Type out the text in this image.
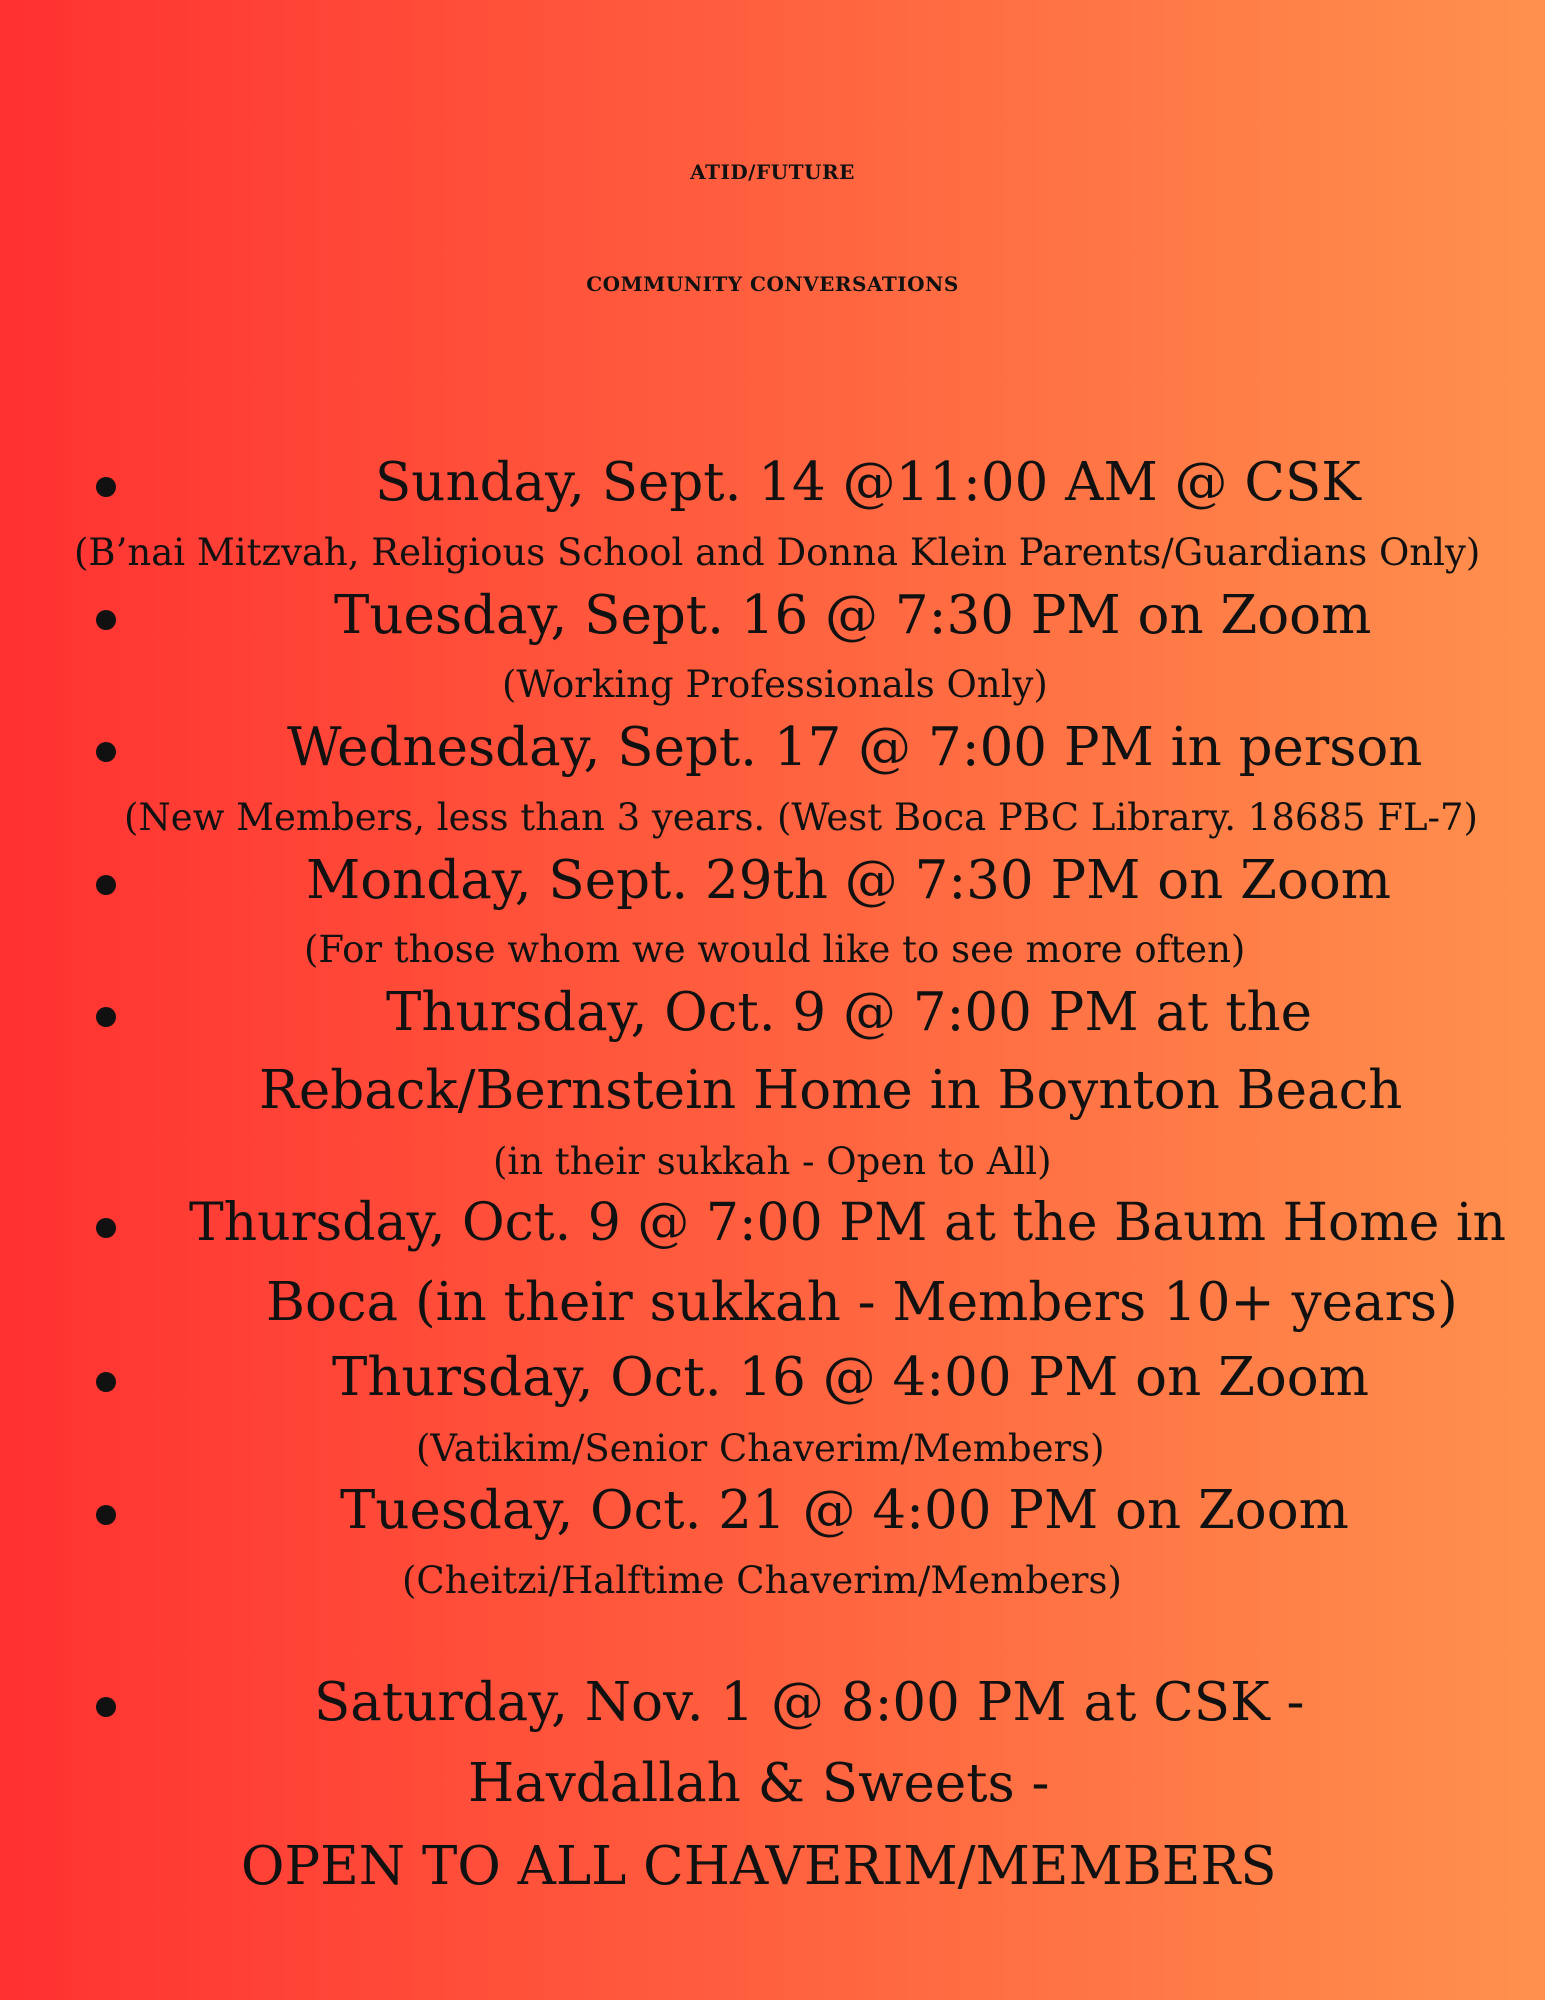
ATID/FUTURE
COMMUNITY CONVERSATIONS
Sunday, Sept. 14 @11:00 AM @ CSK
(B’nai Mitzvah, Religious School and Donna Klein Parents/Guardians Only)
Tuesday, Sept. 16 @ 7:30 PM on Zoom
(Working Professionals Only)
Wednesday, Sept. 17 @ 7:00 PM in person
(New Members, less than 3 years. (West Boca PBC Library. 18685 FL-7)
Monday, Sept. 29th @ 7:30 PM on Zoom
(For those whom we would like to see more often)
Thursday, Oct. 9 @ 7:00 PM at the
Reback/Bernstein Home in Boynton Beach
(in their sukkah - Open to All)
Thursday, Oct. 9 @ 7:00 PM at the Baum Home in
Boca (in their sukkah - Members 10+ years)
Thursday, Oct. 16 @ 4:00 PM on Zoom
(Vatikim/Senior Chaverim/Members)
Tuesday, Oct. 21 @ 4:00 PM on Zoom
(Cheitzi/Halftime Chaverim/Members)
Saturday, Nov. 1 @ 8:00 PM at CSK -
Havdallah & Sweets -
OPEN TO ALL CHAVERIM/MEMBERS
